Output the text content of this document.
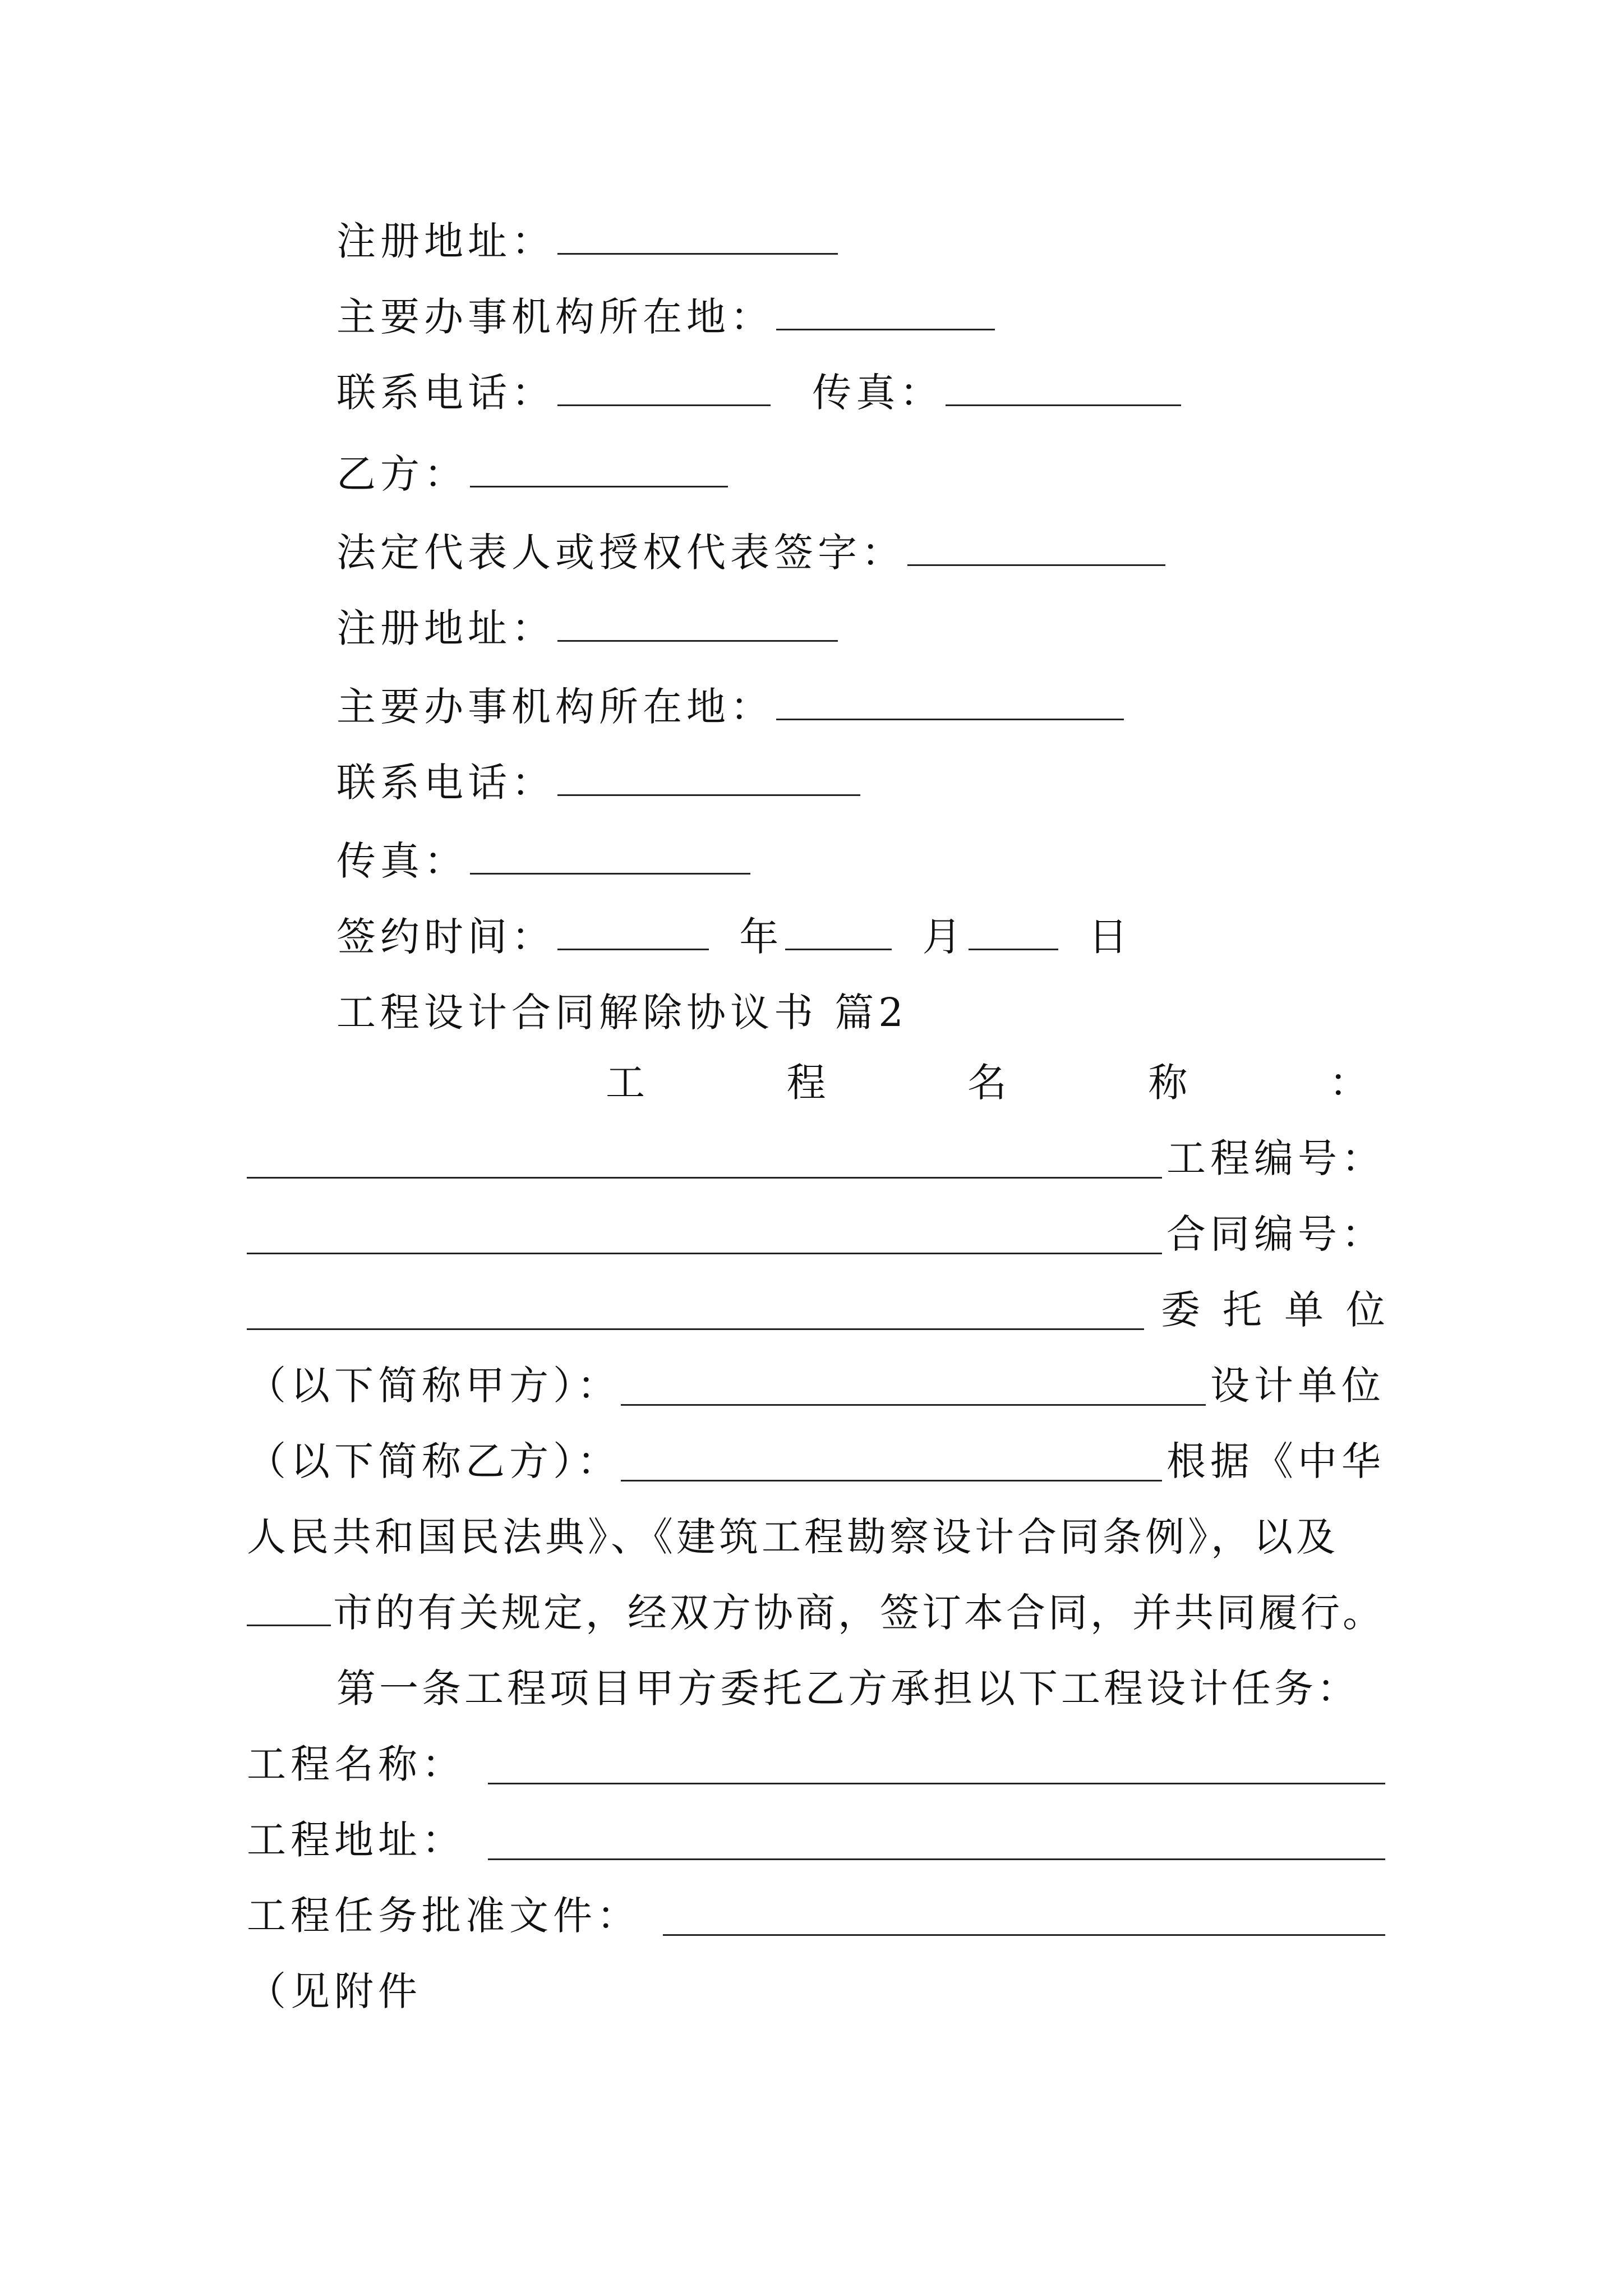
注册地址：
主要办事机构所在地：
联系电话：	传真：
乙方：
法定代表人或授权代表签字：
注册地址：
主要办事机构所在地：
联系电话：
传真：
签约时间：	年	月	日
工程设计合同解除协议书 篇2
工	程	名	称	：
工程编号：
合同编号：
委 托 单 位
（以下简称甲方）：	设计单位
（以下简称乙方）：	根据《中华
人民共和国民法典》、《建筑工程勘察设计合同条例》，以及
市的有关规定，经双方协商，签订本合同，并共同履行。
第一条工程项目甲方委托乙方承担以下工程设计任务：
工程名称：
工程地址：
工程任务批准文件：
（见附件
